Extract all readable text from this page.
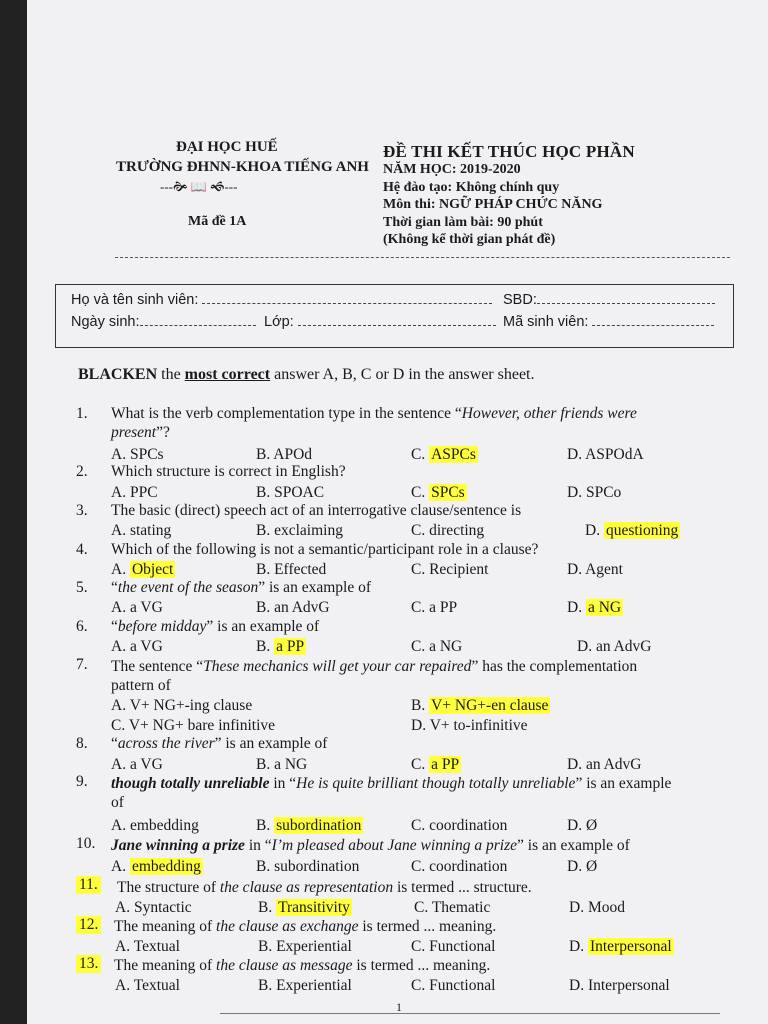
ĐẠI HỌC HUẾ
TRƯỜNG ĐHNN-KHOA TIẾNG ANH
---🙞 📖 🙜---
Mã đề 1A
ĐỀ THI KẾT THÚC HỌC PHẦN
NĂM HỌC: 2019-2020
Hệ đào tạo: Không chính quy
Môn thi: NGỮ PHÁP CHỨC NĂNG
Thời gian làm bài: 90 phút
(Không kể thời gian phát đề)
Họ và tên sinh viên:	SBD:
Ngày sinh:	Lớp:	Mã sinh viên:
BLACKEN the most correct answer A, B, C or D in the answer sheet.
1. What is the verb complementation type in the sentence “However, other friends were
present”?
A. SPCs	B. APOd	C. ASPCs	D. ASPOdA
2. Which structure is correct in English?
A. PPC	B. SPOAC	C. SPCs	D. SPCo
3. The basic (direct) speech act of an interrogative clause/sentence is
A. stating	B. exclaiming	C. directing	D. questioning
4. Which of the following is not a semantic/participant role in a clause?
A. Object	B. Effected	C. Recipient	D. Agent
5. “the event of the season” is an example of
A. a VG	B. an AdvG	C. a PP	D. a NG
6. “before midday” is an example of
A. a VG	B. a PP	C. a NG	D. an AdvG
7. The sentence “These mechanics will get your car repaired” has the complementation
pattern of
A. V+ NG+-ing clause	B. V+ NG+-en clause
C. V+ NG+ bare infinitive	D. V+ to-infinitive
8. “across the river” is an example of
A. a VG	B. a NG	C. a PP	D. an AdvG
9. though totally unreliable in “He is quite brilliant though totally unreliable” is an example
of
A. embedding	B. subordination	C. coordination	D. Ø
10. Jane winning a prize in “I’m pleased about Jane winning a prize” is an example of
A. embedding	B. subordination	C. coordination	D. Ø
11. The structure of the clause as representation is termed ... structure.
A. Syntactic	B. Transitivity	C. Thematic	D. Mood
12. The meaning of the clause as exchange is termed ... meaning.
A. Textual	B. Experiential	C. Functional	D. Interpersonal
13. The meaning of the clause as message is termed ... meaning.
A. Textual	B. Experiential	C. Functional	D. Interpersonal
1
